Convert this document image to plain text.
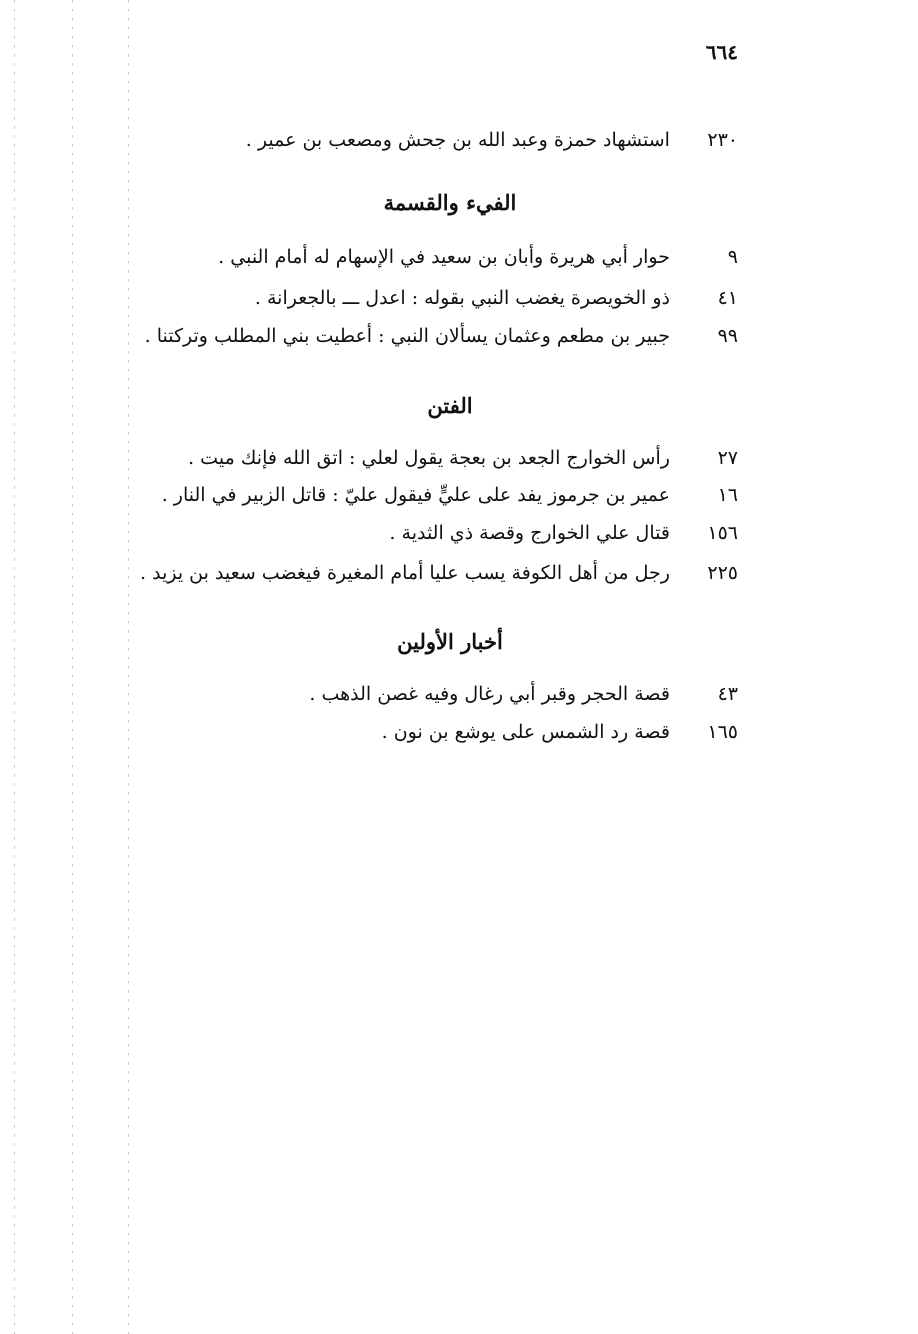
٦٦٤
٢٣٠ استشهاد حمزة وعبد الله بن جحش ومصعب بن عمير .
الفيء والقسمة
٩ حوار أبي هريرة وأبان بن سعيد في الإسهام له أمام النبي .
٤١ ذو الخويصرة يغضب النبي بقوله : اعدل ـــ بالجعرانة .
٩٩ جبير بن مطعم وعثمان يسألان النبي : أعطيت بني المطلب وتركتنا .
الفتن
٢٧ رأس الخوارج الجعد بن بعجة يقول لعلي : اتق الله فإنك ميت .
١٦ عمير بن جرموز يفد على عليٍّ فيقول عليّ : قاتل الزبير في النار .
١٥٦ قتال علي الخوارج وقصة ذي الثدية .
٢٢٥ رجل من أهل الكوفة يسب عليا أمام المغيرة فيغضب سعيد بن يزيد .
أخبار الأولين
٤٣ قصة الحجر وقبر أبي رغال وفيه غصن الذهب .
١٦٥ قصة رد الشمس على يوشع بن نون .
